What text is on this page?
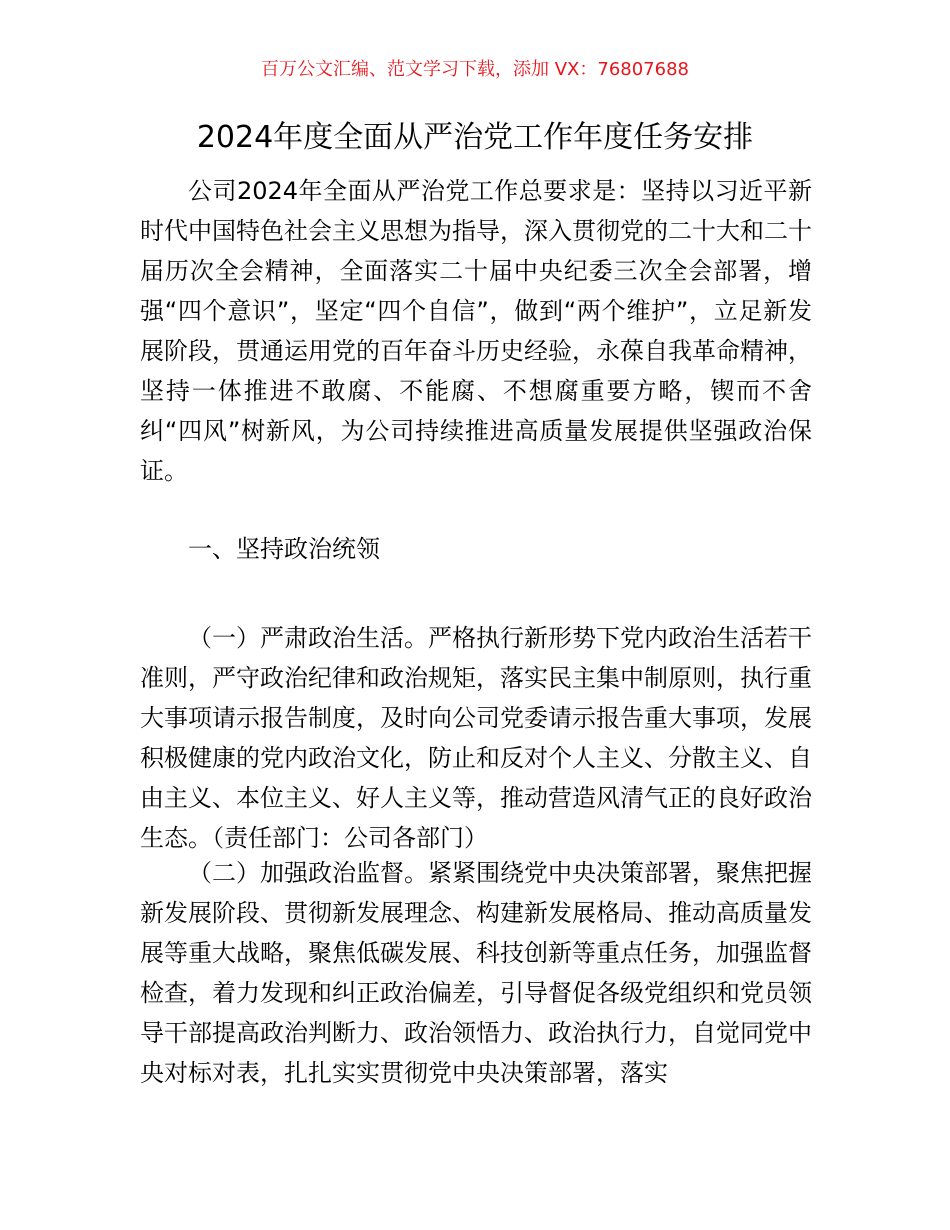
百万公文汇编、范文学习下载，添加 VX：76807688
2024年度全面从严治党工作年度任务安排

公司2024年全面从严治党工作总要求是：坚持以习近平新时代中国特色社会主义思想为指导，深入贯彻党的二十大和二十届历次全会精神，全面落实二十届中央纪委三次全会部署，增强“四个意识”，坚定“四个自信”，做到“两个维护”，立足新发展阶段，贯通运用党的百年奋斗历史经验，永葆自我革命精神，坚持一体推进不敢腐、不能腐、不想腐重要方略，锲而不舍纠“四风”树新风，为公司持续推进高质量发展提供坚强政治保证。

一、坚持政治统领

（一）严肃政治生活。严格执行新形势下党内政治生活若干准则，严守政治纪律和政治规矩，落实民主集中制原则，执行重大事项请示报告制度，及时向公司党委请示报告重大事项，发展积极健康的党内政治文化，防止和反对个人主义、分散主义、自由主义、本位主义、好人主义等，推动营造风清气正的良好政治生态。（责任部门：公司各部门）

（二）加强政治监督。紧紧围绕党中央决策部署，聚焦把握新发展阶段、贯彻新发展理念、构建新发展格局、推动高质量发展等重大战略，聚焦低碳发展、科技创新等重点任务，加强监督检查，着力发现和纠正政治偏差，引导督促各级党组织和党员领导干部提高政治判断力、政治领悟力、政治执行力，自觉同党中央对标对表，扎扎实实贯彻党中央决策部署，落实
